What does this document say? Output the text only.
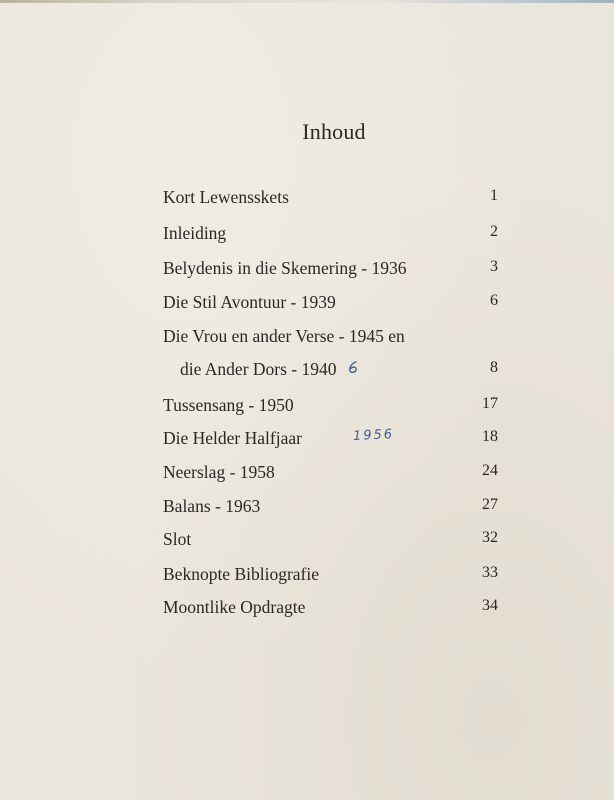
Inhoud
Kort Lewensskets	1
Inleiding	2
Belydenis in die Skemering - 1936	3
Die Stil Avontuur - 1939	6
Die Vrou en ander Verse - 1945 en
die Ander Dors - 1940	8
Tussensang - 1950	17
Die Helder Halfjaar	18
Neerslag - 1958	24
Balans - 1963	27
Slot	32
Beknopte Bibliografie	33
Moontlike Opdragte	34
1956
